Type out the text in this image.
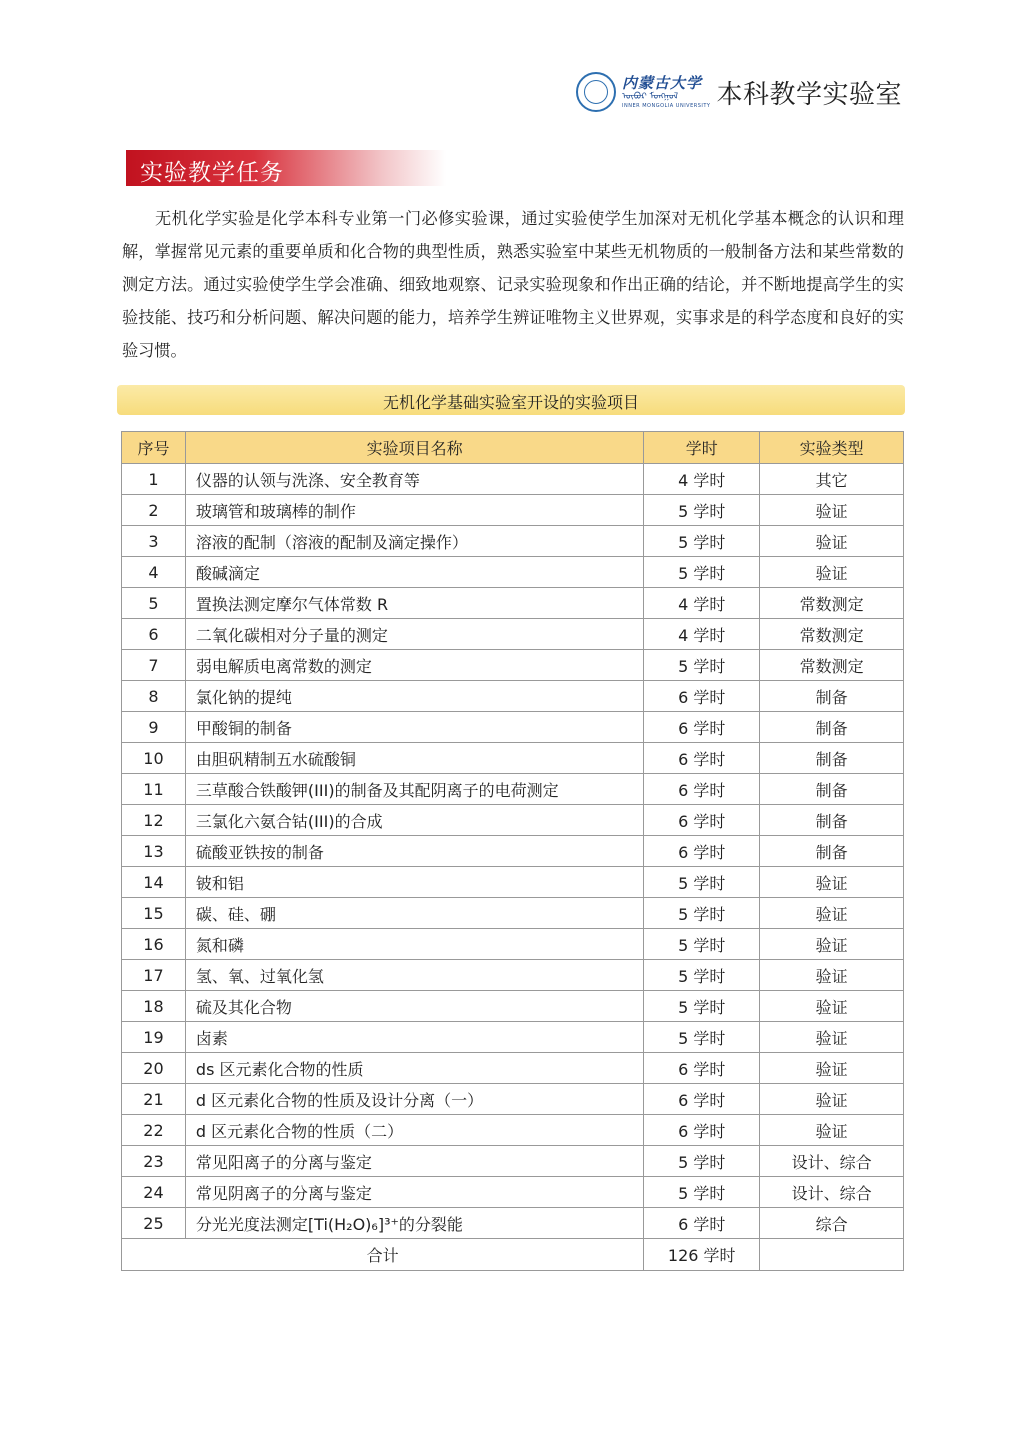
内蒙古大学
ᠦᠪᠦᠷ ᠮᠣᠩᠭᠣᠯ
INNER MONGOLIA UNIVERSITY 本科教学实验室
实验教学任务

无机化学实验是化学本科专业第一门必修实验课，通过实验使学生加深对无机化学基本概念的认识和理解，掌握常见元素的重要单质和化合物的典型性质，熟悉实验室中某些无机物质的一般制备方法和某些常数的测定方法。通过实验使学生学会准确、细致地观察、记录实验现象和作出正确的结论，并不断地提高学生的实验技能、技巧和分析问题、解决问题的能力，培养学生辨证唯物主义世界观，实事求是的科学态度和良好的实验习惯。

无机化学基础实验室开设的实验项目
序号	实验项目名称	学时	实验类型
1	仪器的认领与洗涤、安全教育等	4 学时	其它
2	玻璃管和玻璃棒的制作	5 学时	验证
3	溶液的配制（溶液的配制及滴定操作）	5 学时	验证
4	酸碱滴定	5 学时	验证
5	置换法测定摩尔气体常数 R	4 学时	常数测定
6	二氧化碳相对分子量的测定	4 学时	常数测定
7	弱电解质电离常数的测定	5 学时	常数测定
8	氯化钠的提纯	6 学时	制备
9	甲酸铜的制备	6 学时	制备
10	由胆矾精制五水硫酸铜	6 学时	制备
11	三草酸合铁酸钾(III)的制备及其配阴离子的电荷测定	6 学时	制备
12	三氯化六氨合钴(III)的合成	6 学时	制备
13	硫酸亚铁按的制备	6 学时	制备
14	铍和铝	5 学时	验证
15	碳、硅、硼	5 学时	验证
16	氮和磷	5 学时	验证
17	氢、氧、过氧化氢	5 学时	验证
18	硫及其化合物	5 学时	验证
19	卤素	5 学时	验证
20	ds 区元素化合物的性质	6 学时	验证
21	d 区元素化合物的性质及设计分离（一）	6 学时	验证
22	d 区元素化合物的性质（二）	6 学时	验证
23	常见阳离子的分离与鉴定	5 学时	设计、综合
24	常见阴离子的分离与鉴定	5 学时	设计、综合
25	分光光度法测定[Ti(H₂O)₆]³⁺的分裂能	6 学时	综合
合计		126 学时	
